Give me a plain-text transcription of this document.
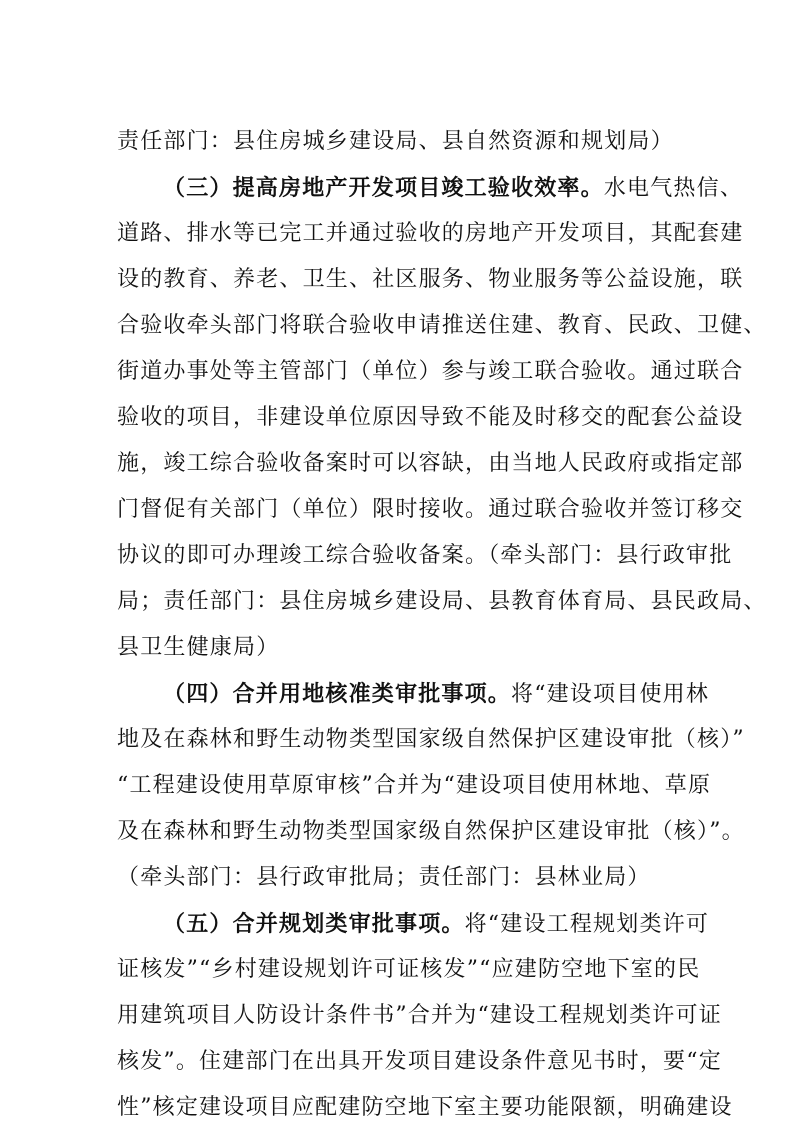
责任部门：县住房城乡建设局、县自然资源和规划局）
（三）提高房地产开发项目竣工验收效率。水电气热信、
道路、排水等已完工并通过验收的房地产开发项目，其配套建
设的教育、养老、卫生、社区服务、物业服务等公益设施，联
合验收牵头部门将联合验收申请推送住建、教育、民政、卫健、
街道办事处等主管部门（单位）参与竣工联合验收。通过联合
验收的项目，非建设单位原因导致不能及时移交的配套公益设
施，竣工综合验收备案时可以容缺，由当地人民政府或指定部
门督促有关部门（单位）限时接收。通过联合验收并签订移交
协议的即可办理竣工综合验收备案。（牵头部门：县行政审批
局；责任部门：县住房城乡建设局、县教育体育局、县民政局、
县卫生健康局）
（四）合并用地核准类审批事项。将“建设项目使用林
地及在森林和野生动物类型国家级自然保护区建设审批（核）”
“工程建设使用草原审核”合并为“建设项目使用林地、草原
及在森林和野生动物类型国家级自然保护区建设审批（核）”。
（牵头部门：县行政审批局；责任部门：县林业局）
（五）合并规划类审批事项。将“建设工程规划类许可
证核发”“乡村建设规划许可证核发”“应建防空地下室的民
用建筑项目人防设计条件书”合并为“建设工程规划类许可证
核发”。住建部门在出具开发项目建设条件意见书时，要“定
性”核定建设项目应配建防空地下室主要功能限额，明确建设
